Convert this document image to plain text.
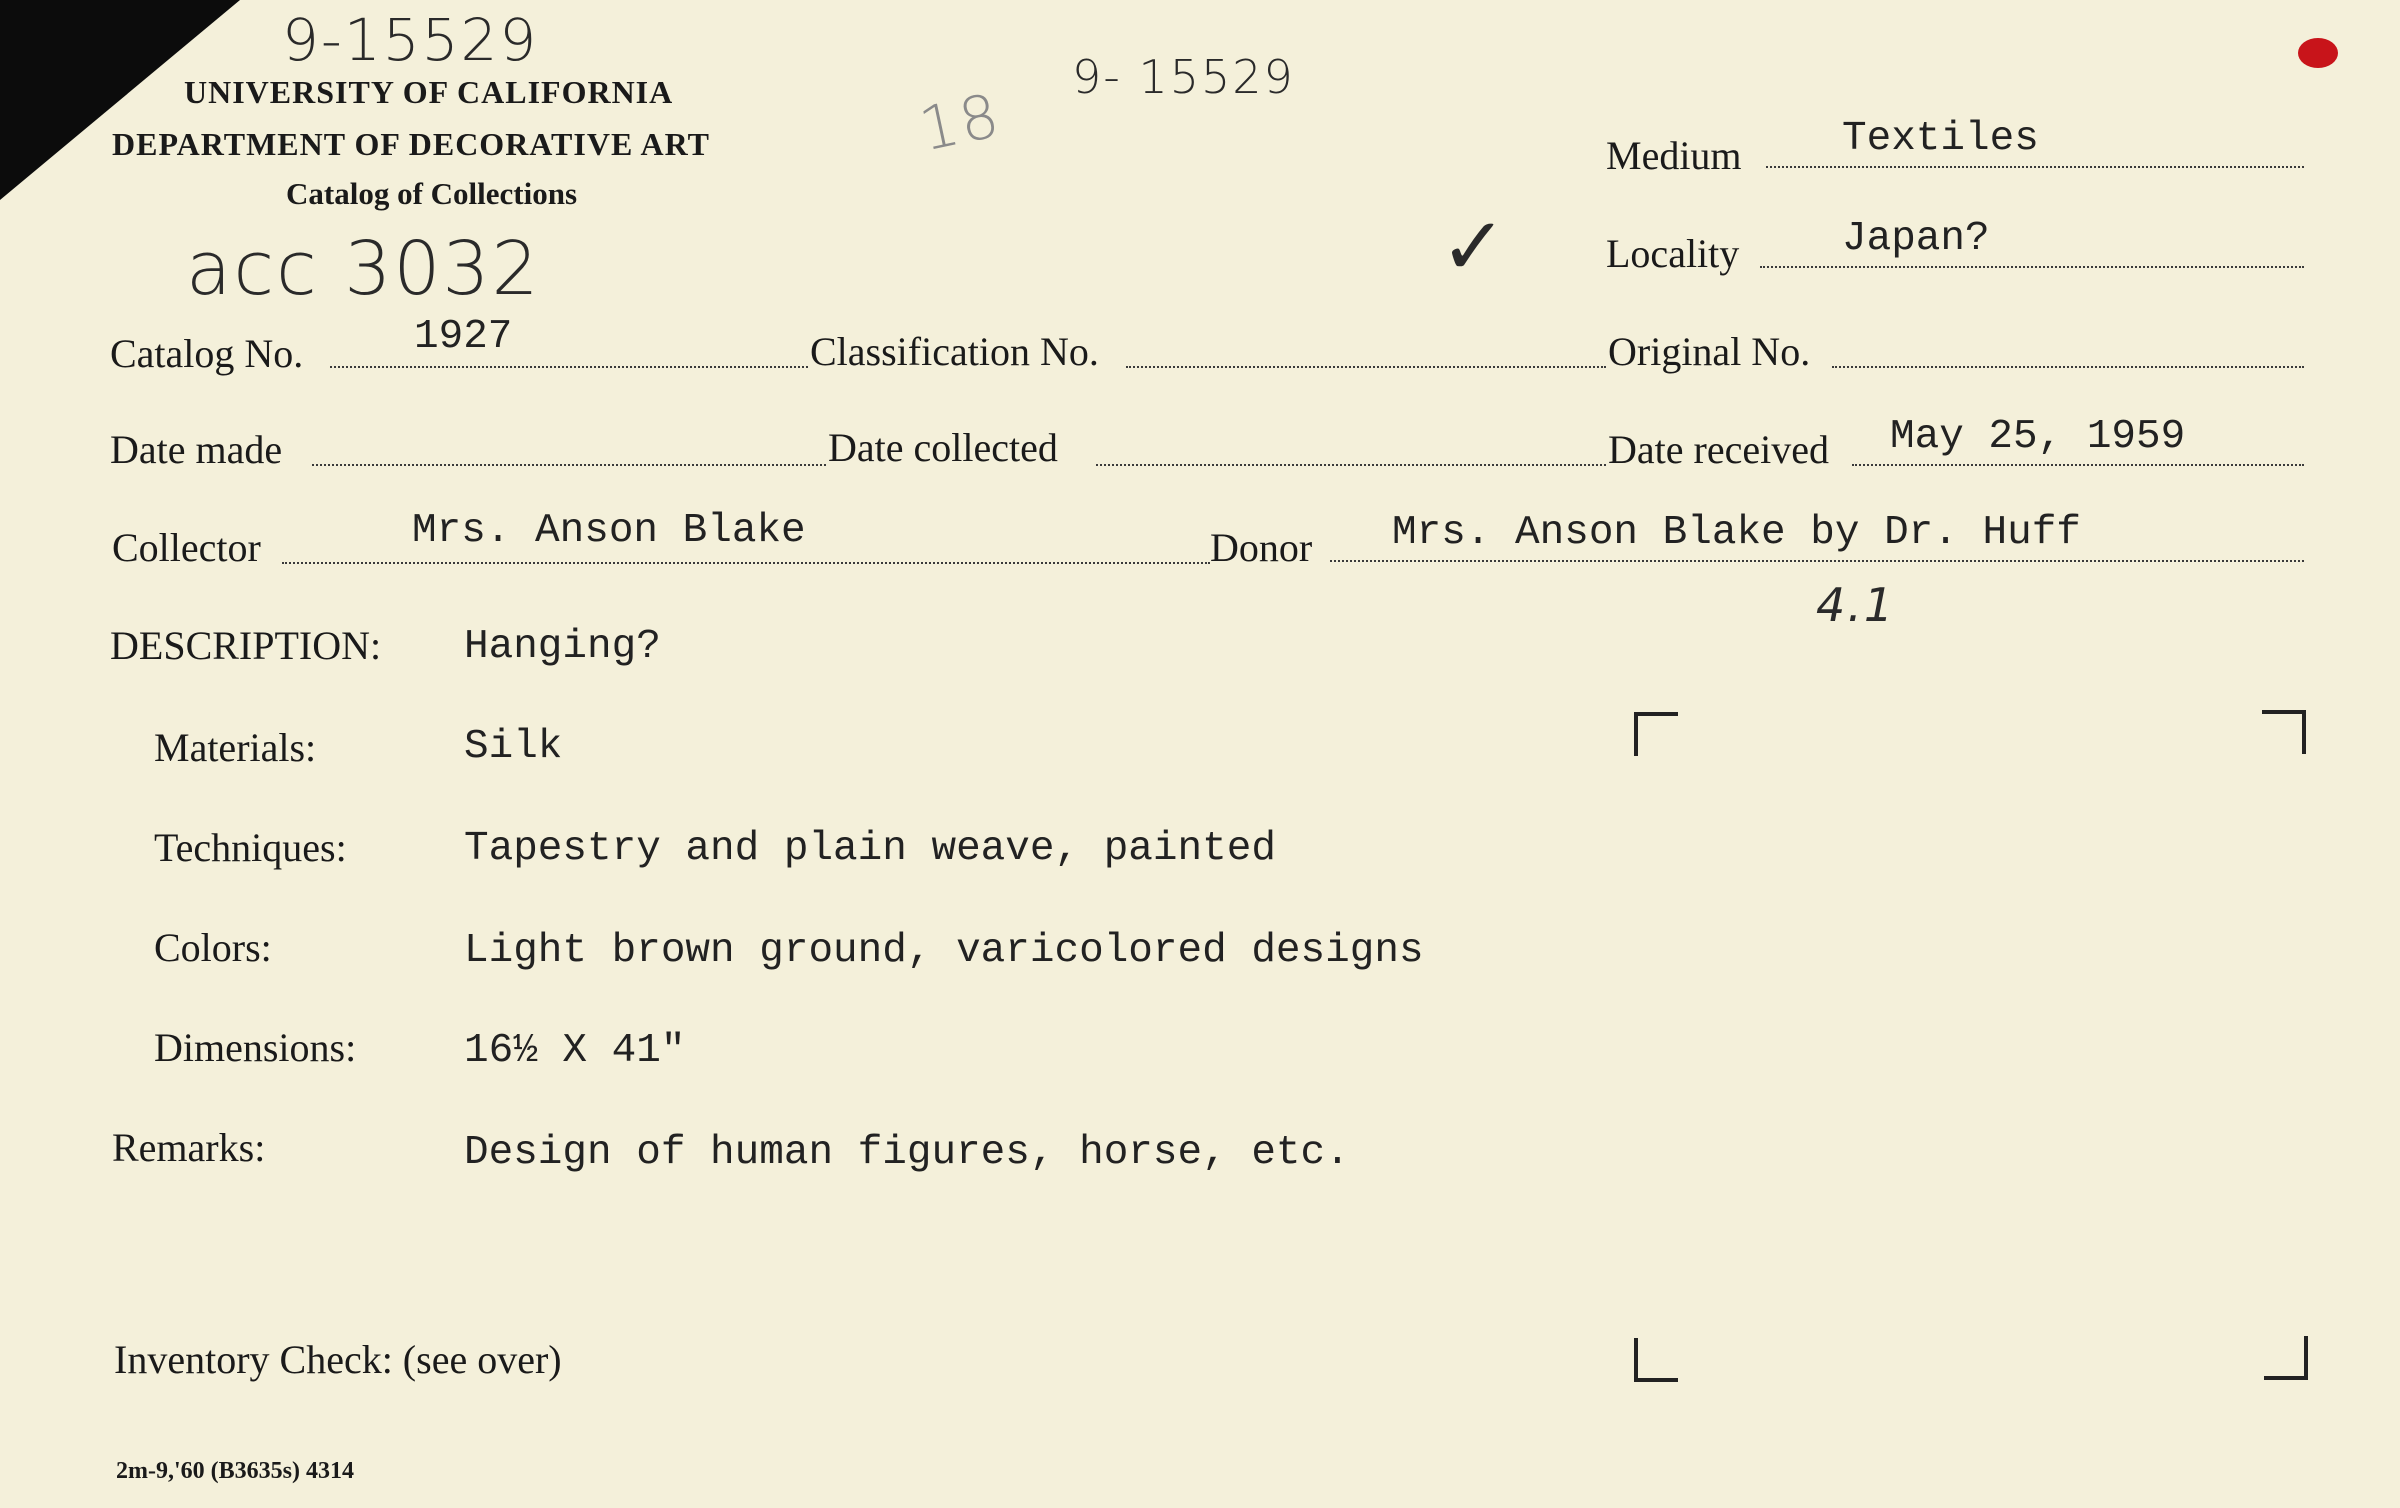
9-15529
9- 15529
18
acc 3032	✓
4.1
UNIVERSITY OF CALIFORNIA
DEPARTMENT OF DECORATIVE ART
Catalog of Collections
Medium Textiles
Locality	Japan?
Catalog No.	1927	Classification No.	Original No.
Date made	Date collected	Date received May 25, 1959
Collector	Mrs. Anson Blake	Donor Mrs. Anson Blake by Dr. Huff
DESCRIPTION: Hanging?
Materials:	Silk
Techniques:	Tapestry and plain weave, painted
Colors:	Light brown ground, varicolored designs
Dimensions:	16½ X 41"
Remarks:	Design of human figures, horse, etc.
Inventory Check: (see over)
2m-9,'60 (B3635s) 4314
